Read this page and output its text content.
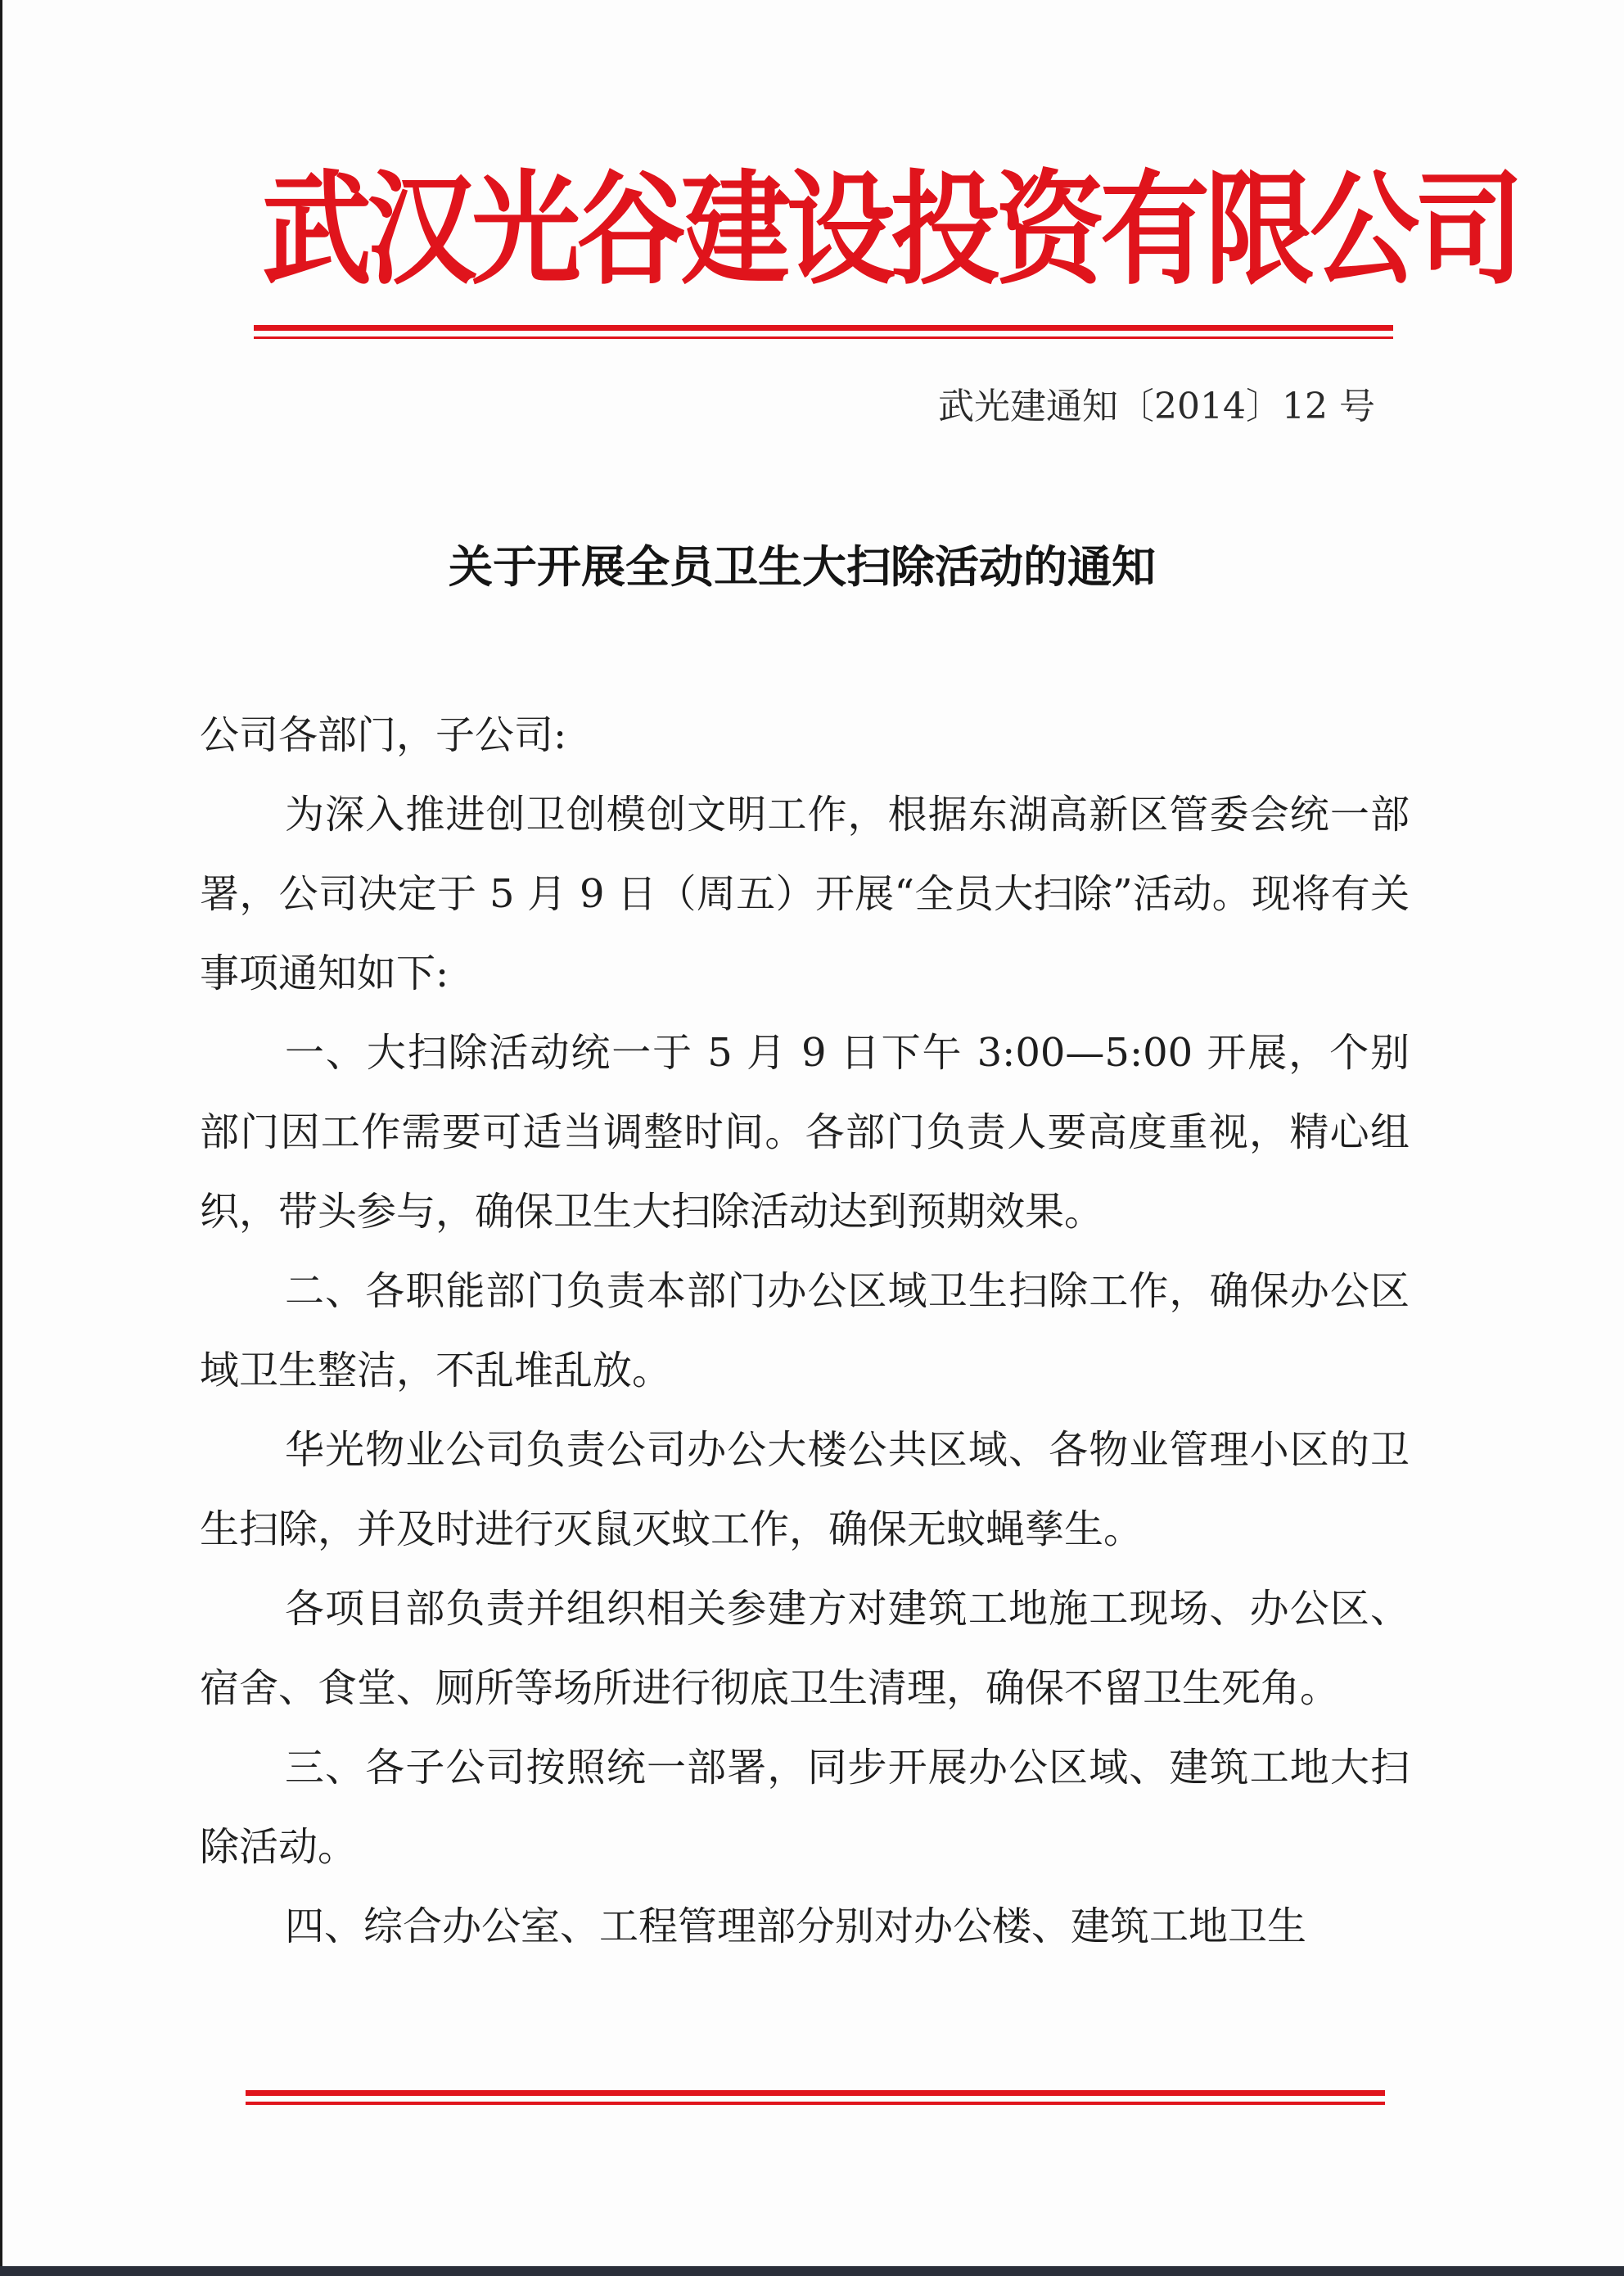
武汉光谷建设投资有限公司
武光建通知〔2014〕12 号
关于开展全员卫生大扫除活动的通知

公司各部门，子公司:

为深入推进创卫创模创文明工作，根据东湖高新区管委会统一部署，公司决定于 5 月 9 日（周五）开展“全员大扫除”活动。现将有关事项通知如下:

一、大扫除活动统一于 5 月 9 日下午 3:00—5:00 开展，个别部门因工作需要可适当调整时间。各部门负责人要高度重视，精心组织，带头参与，确保卫生大扫除活动达到预期效果。

二、各职能部门负责本部门办公区域卫生扫除工作，确保办公区域卫生整洁，不乱堆乱放。

华光物业公司负责公司办公大楼公共区域、各物业管理小区的卫生扫除，并及时进行灭鼠灭蚊工作，确保无蚊蝇孳生。

各项目部负责并组织相关参建方对建筑工地施工现场、办公区、宿舍、食堂、厕所等场所进行彻底卫生清理，确保不留卫生死角。

三、各子公司按照统一部署，同步开展办公区域、建筑工地大扫除活动。

四、综合办公室、工程管理部分别对办公楼、建筑工地卫生
